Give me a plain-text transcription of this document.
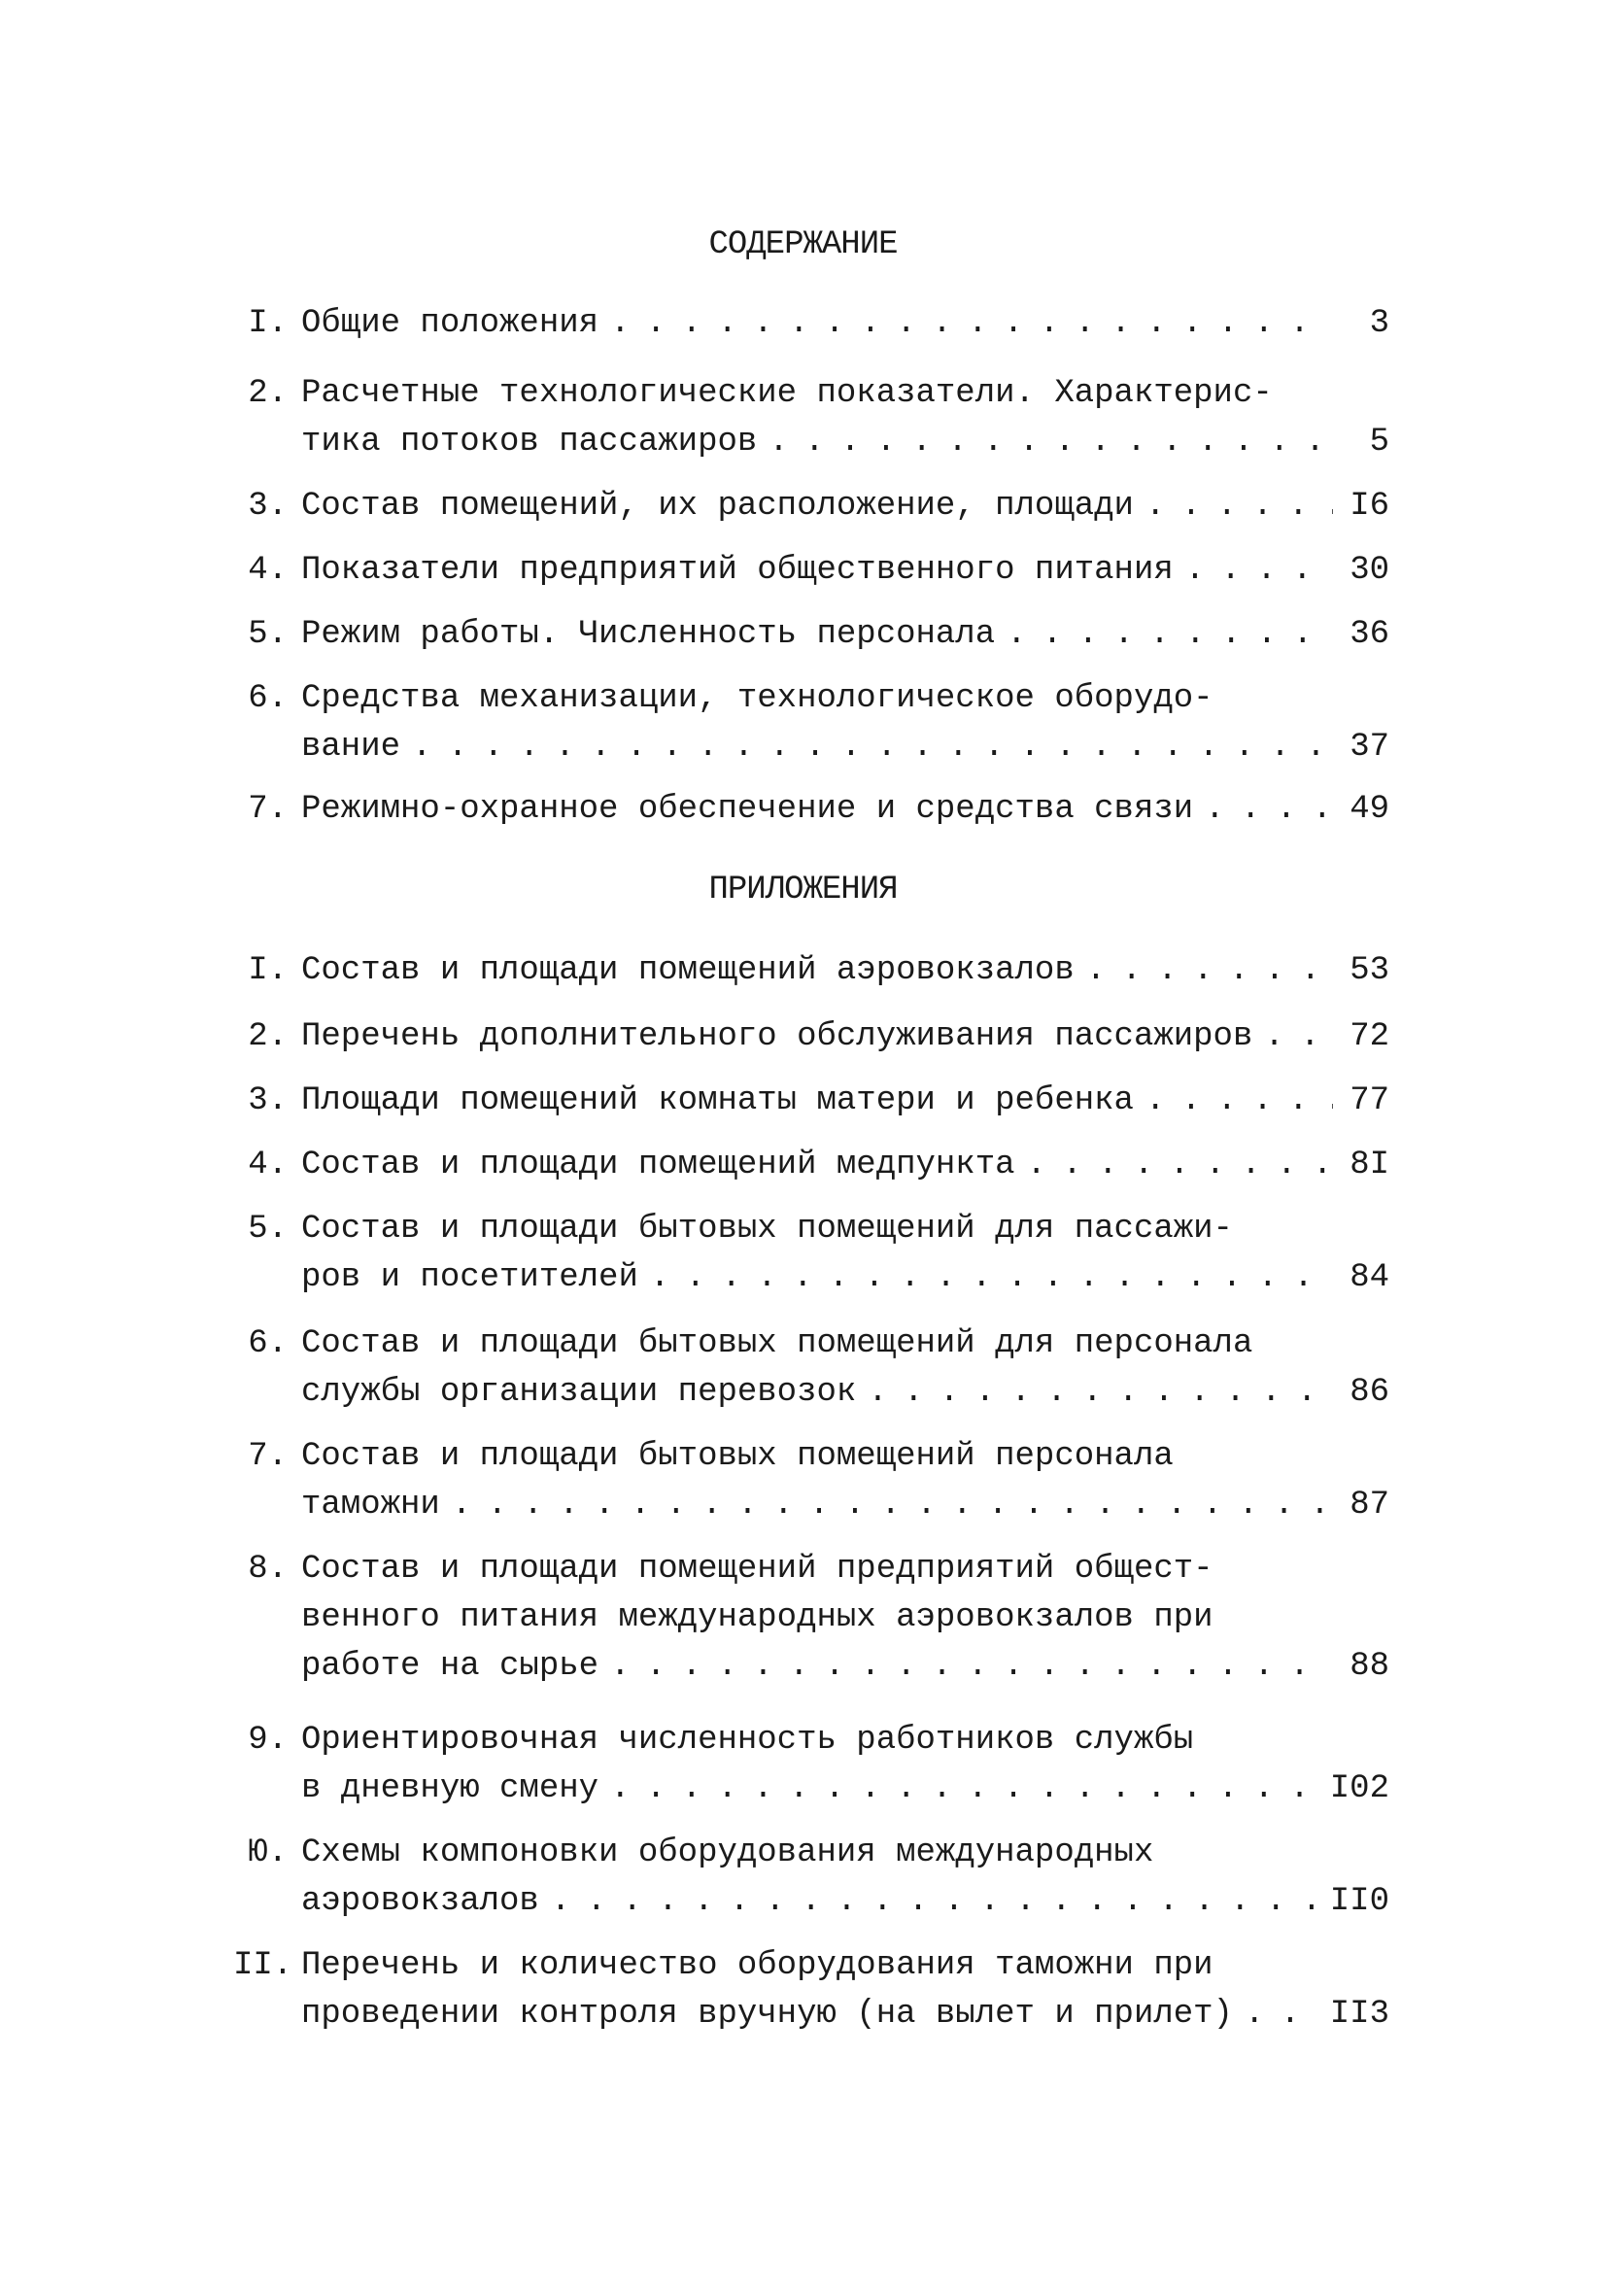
СОДЕРЖАНИЕ
I. Общие положения . . .	3
2. Расчетные технологические показатели. Характерис-
тика потоков пассажиров . . .	5
3. Состав помещений, их расположение, площади . . .	I6
4. Показатели предприятий общественного питания . . .	30
5. Режим работы. Численность персонала . . .	36
6. Средства механизации, технологическое оборудо-
вание . . .	37
7. Режимно-охранное обеспечение и средства связи . . .	49
ПРИЛОЖЕНИЯ
I. Состав и площади помещений аэровокзалов . . .	53
2. Перечень дополнительного обслуживания пассажиров . . .	72
3. Площади помещений комнаты матери и ребенка . . .	77
4. Состав и площади помещений медпункта . . .	8I
5. Состав и площади бытовых помещений для пассажи-
ров и посетителей . . .	84
6. Состав и площади бытовых помещений для персонала
службы организации перевозок . . .	86
7. Состав и площади бытовых помещений персонала
таможни . . .	87
8. Состав и площади помещений предприятий общест-
венного питания международных аэровокзалов при
работе на сырье . . .	88
9. Ориентировочная численность работников службы
в дневную смену . . .	I02
Ю. Схемы компоновки оборудования международных
аэровокзалов . . .	II0
II. Перечень и количество оборудования таможни при
проведении контроля вручную (на вылет и прилет) . . .	II3
